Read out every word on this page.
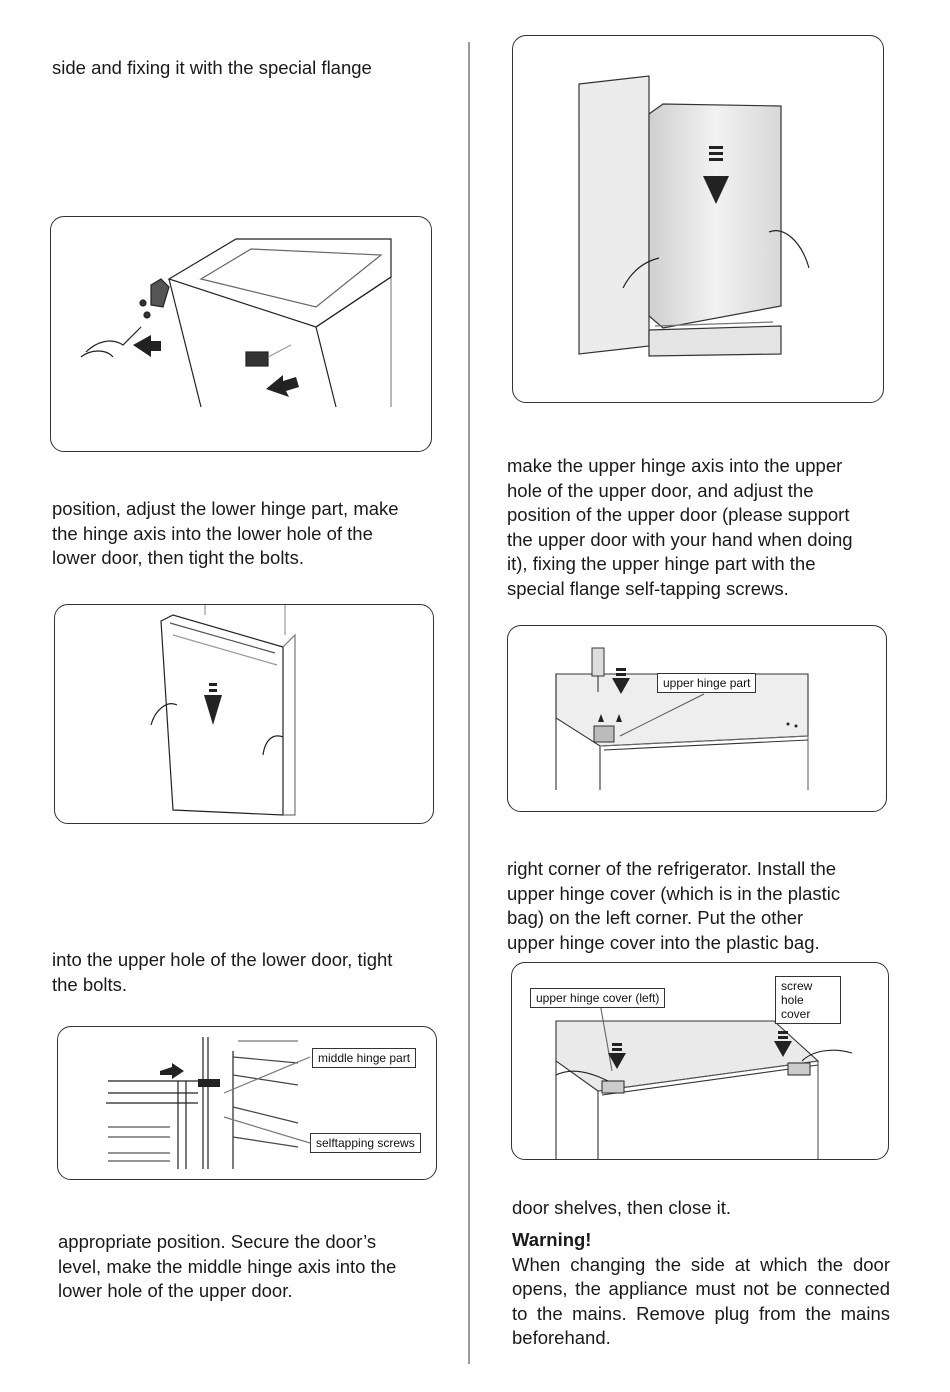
side and fixing it with the special flange

position, adjust the lower hinge part, make
the hinge axis into the lower hole of the
lower door, then tight the bolts.

into the upper hole of the lower door, tight
the bolts.

middle hinge part
selftapping screws

appropriate position. Secure the door’s
level, make the middle hinge axis into the
lower hole of the upper door.

make the upper hinge axis into the upper
hole of the upper door, and adjust the
position of the upper door (please support
the upper door with your hand when doing
it), fixing the upper hinge part with the
special flange self-tapping screws.

upper hinge part

right corner of the refrigerator. Install the
upper hinge cover (which is in the plastic
bag) on the left corner. Put the other
upper hinge cover into the plastic bag.

upper hinge cover (left)
screw hole cover

door shelves, then close it.

Warning!

When changing the side at which the door opens, the appliance must not be connected to the mains. Remove plug from the mains beforehand.
